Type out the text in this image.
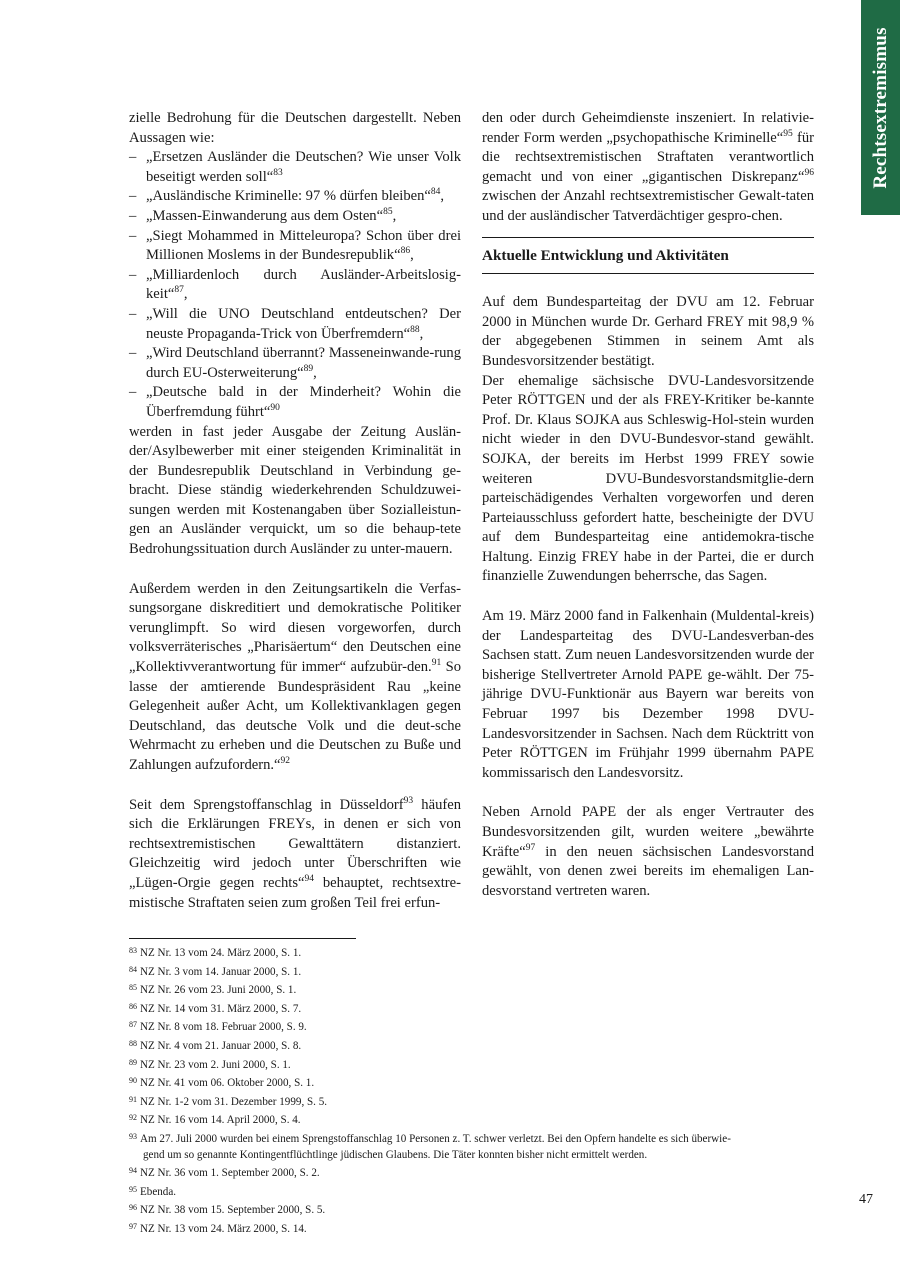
Rechtsextremismus

zielle Bedrohung für die Deutschen dargestellt. Neben Aussagen wie:

– „Ersetzen Ausländer die Deutschen? Wie unser Volk beseitigt werden soll“$^{83}$
– „Ausländische Kriminelle: 97 % dürfen bleiben“$^{84}$,
– „Massen-Einwanderung aus dem Osten“$^{85}$,
– „Siegt Mohammed in Mitteleuropa? Schon über drei Millionen Moslems in der Bundesrepublik“$^{86}$,
– „Milliardenloch durch Ausländer-Arbeitslosig-keit“$^{87}$,
– „Will die UNO Deutschland entdeutschen? Der neuste Propaganda-Trick von Überfremdern“$^{88}$,
– „Wird Deutschland überrannt? Masseneinwande-rung durch EU-Osterweiterung“$^{89}$,
– „Deutsche bald in der Minderheit? Wohin die Überfremdung führt“$^{90}$

werden in fast jeder Ausgabe der Zeitung Auslän-der/Asylbewerber mit einer steigenden Kriminalität in der Bundesrepublik Deutschland in Verbindung ge-bracht. Diese ständig wiederkehrenden Schuldzuwei-sungen werden mit Kostenangaben über Sozialleistun-gen an Ausländer verquickt, um so die behaup-tete Bedrohungssituation durch Ausländer zu unter-mauern.

Außerdem werden in den Zeitungsartikeln die Verfas-sungsorgane diskreditiert und demokratische Politiker verunglimpft. So wird diesen vorgeworfen, durch volksverräterisches „Pharisäertum“ den Deutschen eine „Kollektivverantwortung für immer“ aufzubür-den.$^{91}$ So lasse der amtierende Bundespräsident Rau „keine Gelegenheit außer Acht, um Kollektivanklagen gegen Deutschland, das deutsche Volk und die deut-sche Wehrmacht zu erheben und die Deutschen zu Buße und Zahlungen aufzufordern.“$^{92}$

Seit dem Sprengstoffanschlag in Düsseldorf$^{93}$ häufen sich die Erklärungen FREYs, in denen er sich von rechtsextremistischen Gewalttätern distanziert. Gleichzeitig wird jedoch unter Überschriften wie „Lügen-Orgie gegen rechts“$^{94}$ behauptet, rechtsextre-mistische Straftaten seien zum großen Teil frei erfun-

den oder durch Geheimdienste inszeniert. In relativie-render Form werden „psychopathische Kriminelle“$^{95}$ für die rechtsextremistischen Straftaten verantwortlich gemacht und von einer „gigantischen Diskrepanz“$^{96}$ zwischen der Anzahl rechtsextremistischer Gewalt-taten und der ausländischer Tatverdächtiger gespro-chen.

Aktuelle Entwicklung und Aktivitäten

Auf dem Bundesparteitag der DVU am 12. Februar 2000 in München wurde Dr. Gerhard FREY mit 98,9 % der abgegebenen Stimmen in seinem Amt als Bundesvorsitzender bestätigt.

Der ehemalige sächsische DVU-Landesvorsitzende Peter RÖTTGEN und der als FREY-Kritiker be-kannte Prof. Dr. Klaus SOJKA aus Schleswig-Hol-stein wurden nicht wieder in den DVU-Bundesvor-stand gewählt. SOJKA, der bereits im Herbst 1999 FREY sowie weiteren DVU-Bundesvorstandsmitglie-dern parteischädigendes Verhalten vorgeworfen und deren Parteiausschluss gefordert hatte, bescheinigte der DVU auf dem Bundesparteitag eine antidemokra-tische Haltung. Einzig FREY habe in der Partei, die er durch finanzielle Zuwendungen beherrsche, das Sagen.

Am 19. März 2000 fand in Falkenhain (Muldental-kreis) der Landesparteitag des DVU-Landesverban-des Sachsen statt. Zum neuen Landesvorsitzenden wurde der bisherige Stellvertreter Arnold PAPE ge-wählt. Der 75-jährige DVU-Funktionär aus Bayern war bereits von Februar 1997 bis Dezember 1998 DVU-Landesvorsitzender in Sachsen. Nach dem Rücktritt von Peter RÖTTGEN im Frühjahr 1999 übernahm PAPE kommissarisch den Landesvorsitz.

Neben Arnold PAPE der als enger Vertrauter des Bundesvorsitzenden gilt, wurden weitere „bewährte Kräfte“$^{97}$ in den neuen sächsischen Landesvorstand gewählt, von denen zwei bereits im ehemaligen Lan-desvorstand vertreten waren.

$^{83}$ NZ Nr. 13 vom 24. März 2000, S. 1.

$^{84}$ NZ Nr. 3 vom 14. Januar 2000, S. 1.

$^{85}$ NZ Nr. 26 vom 23. Juni 2000, S. 1.

$^{86}$ NZ Nr. 14 vom 31. März 2000, S. 7.

$^{87}$ NZ Nr. 8 vom 18. Februar 2000, S. 9.

$^{88}$ NZ Nr. 4 vom 21. Januar 2000, S. 8.

$^{89}$ NZ Nr. 23 vom 2. Juni 2000, S. 1.

$^{90}$ NZ Nr. 41 vom 06. Oktober 2000, S. 1.

$^{91}$ NZ Nr. 1-2 vom 31. Dezember 1999, S. 5.

$^{92}$ NZ Nr. 16 vom 14. April 2000, S. 4.

$^{93}$ Am 27. Juli 2000 wurden bei einem Sprengstoffanschlag 10 Personen z. T. schwer verletzt. Bei den Opfern handelte es sich überwie-

gend um so genannte Kontingentflüchtlinge jüdischen Glaubens. Die Täter konnten bisher nicht ermittelt werden.

$^{94}$ NZ Nr. 36 vom 1. September 2000, S. 2.

$^{95}$ Ebenda.

$^{96}$ NZ Nr. 38 vom 15. September 2000, S. 5.

$^{97}$ NZ Nr. 13 vom 24. März 2000, S. 14.

47
